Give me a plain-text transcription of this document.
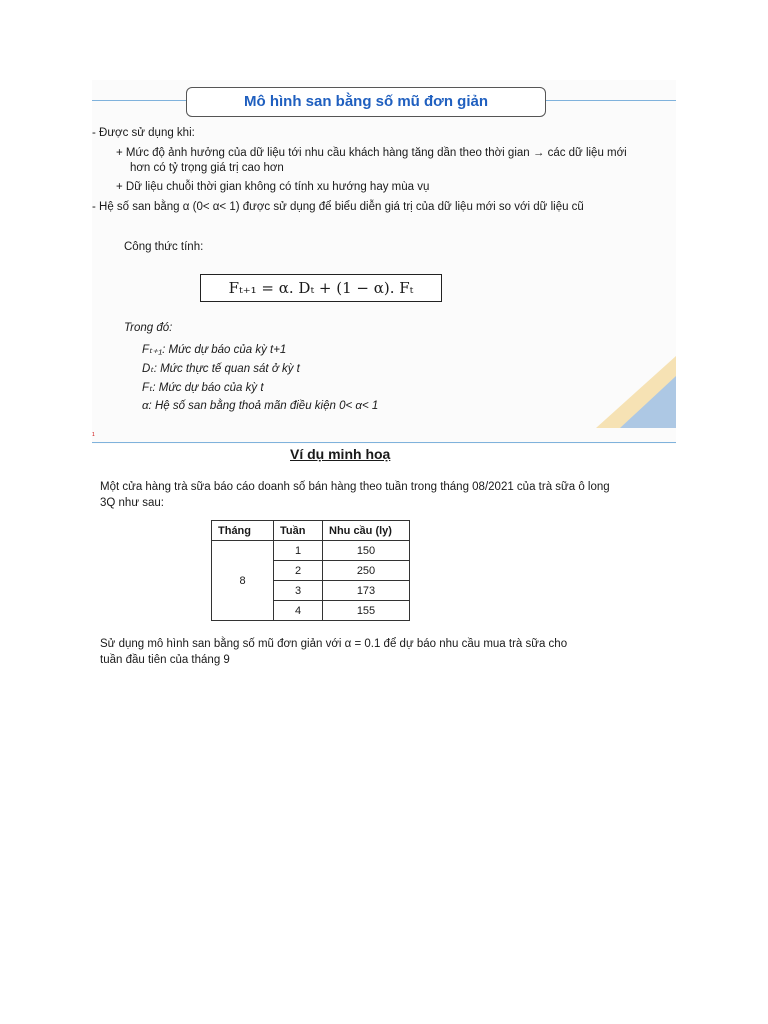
Mô hình san bằng số mũ đơn giản
- Được sử dụng khi:
+ Mức độ ảnh hưởng của dữ liệu tới nhu cầu khách hàng tăng dần theo thời gian → các dữ liệu mới
hơn có tỷ trọng giá trị cao hơn
+ Dữ liệu chuỗi thời gian không có tính xu hướng hay mùa vụ
- Hệ số san bằng α (0< α< 1) được sử dụng để biểu diễn giá trị của dữ liệu mới so với dữ liệu cũ
Công thức tính:
Fₜ₊₁ = α. Dₜ + (1 − α). Fₜ
Trong đó:
Fₜ₊₁: Mức dự báo của kỳ t+1
Dₜ: Mức thực tế quan sát ở kỳ t
Fₜ: Mức dự báo của kỳ t
α: Hệ số san bằng thoả mãn điều kiện 0< α< 1
1
Ví dụ minh hoạ
Một cửa hàng trà sữa báo cáo doanh số bán hàng theo tuần trong tháng 08/2021 của trà sữa ô long
3Q như sau:
Tháng	Tuần	Nhu cầu (ly)
8	1	150
	2	250
	3	173
	4	155
Sử dụng mô hình san bằng số mũ đơn giản với α = 0.1 để dự báo nhu cầu mua trà sữa cho
tuần đầu tiên của tháng 9
